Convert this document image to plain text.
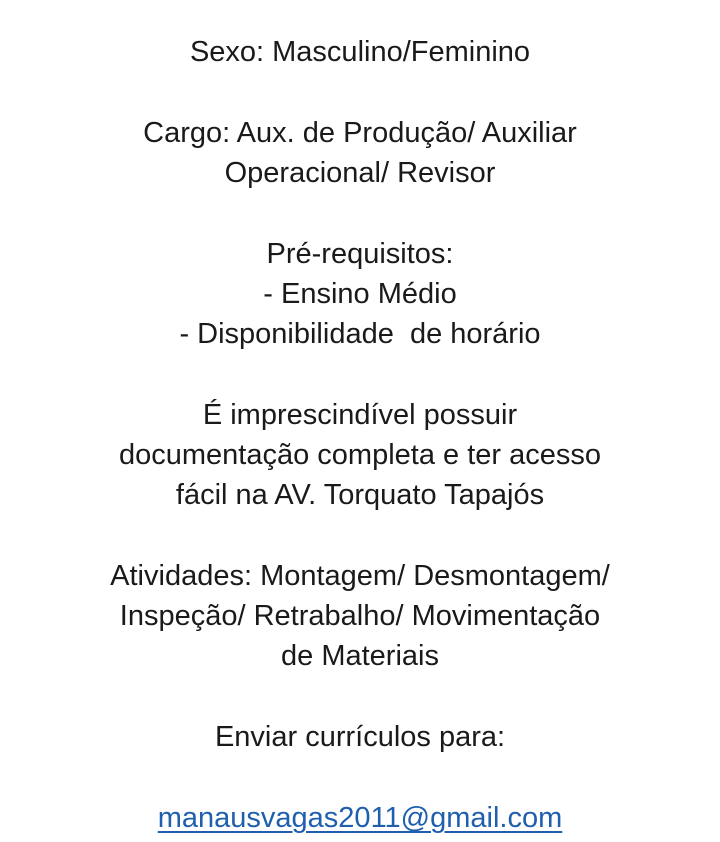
Sexo: Masculino/Feminino
Cargo: Aux. de Produção/ Auxiliar
Operacional/ Revisor
Pré-requisitos:
- Ensino Médio
- Disponibilidade  de horário
É imprescindível possuir
documentação completa e ter acesso
fácil na AV. Torquato Tapajós
Atividades: Montagem/ Desmontagem/
Inspeção/ Retrabalho/ Movimentação
de Materiais
Enviar currículos para:
manausvagas2011@gmail.com
